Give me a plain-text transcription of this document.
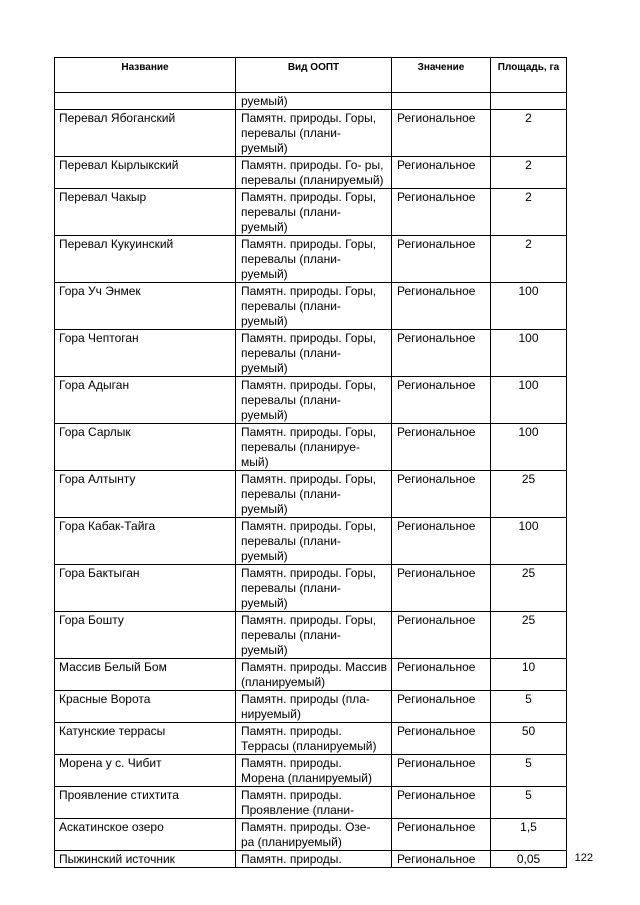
Название	Вид ООПТ	Значение	Площадь, га
	руемый)		
Перевал Ябоганский	Памятн. природы. Горы, перевалы (плани- руемый)	Региональное	2
Перевал Кырлыкский	Памятн. природы. Го- ры, перевалы (планируемый)	Региональное	2
Перевал Чакыр	Памятн. природы. Горы, перевалы (плани- руемый)	Региональное	2
Перевал Кукуинский	Памятн. природы. Горы, перевалы (плани- руемый)	Региональное	2
Гора Уч Энмек	Памятн. природы. Горы, перевалы (плани- руемый)	Региональное	100
Гора Чептоган	Памятн. природы. Горы, перевалы (плани- руемый)	Региональное	100
Гора Адыган	Памятн. природы. Горы, перевалы (плани- руемый)	Региональное	100
Гора Сарлык	Памятн. природы. Горы, перевалы (планируе- мый)	Региональное	100
Гора Алтынту	Памятн. природы. Горы, перевалы (плани- руемый)	Региональное	25
Гора Кабак-Тайга	Памятн. природы. Горы, перевалы (плани- руемый)	Региональное	100
Гора Бактыган	Памятн. природы. Горы, перевалы (плани- руемый)	Региональное	25
Гора Бошту	Памятн. природы. Горы, перевалы (плани- руемый)	Региональное	25
Массив Белый Бом	Памятн. природы. Массив (планируемый)	Региональное	10
Красные Ворота	Памятн. природы (пла- нируемый)	Региональное	5
Катунские террасы	Памятн. природы. Террасы (планируемый)	Региональное	50
Морена у с. Чибит	Памятн. природы. Морена (планируемый)	Региональное	5
Проявление стихтита	Памятн. природы. Проявление (плани-	Региональное	5
Аскатинское озеро	Памятн. природы. Озе- ра (планируемый)	Региональное	1,5
Пыжинский источник	Памятн. природы.	Региональное	0,05	122
